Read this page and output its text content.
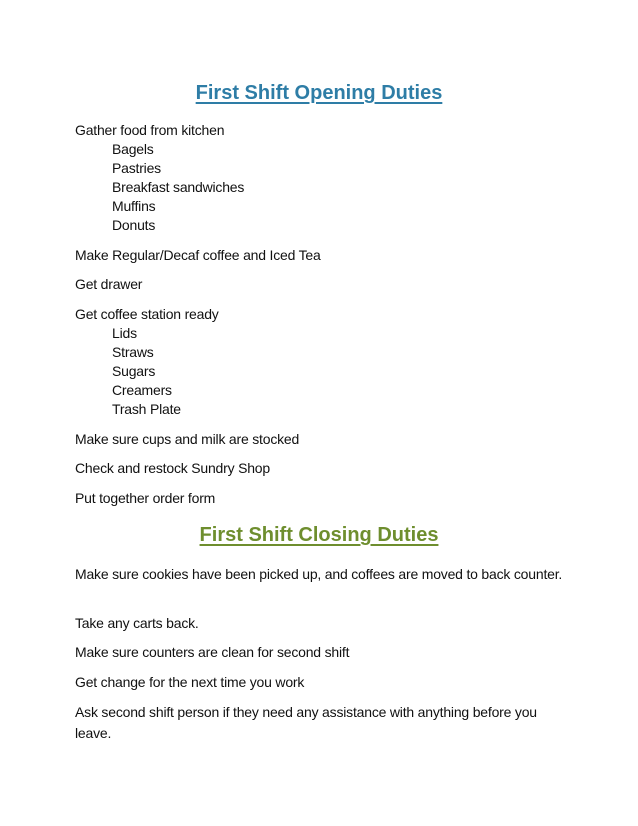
First Shift Opening Duties
Gather food from kitchen
Bagels
Pastries
Breakfast sandwiches
Muffins
Donuts
Make Regular/Decaf coffee and Iced Tea
Get drawer
Get coffee station ready
Lids
Straws
Sugars
Creamers
Trash Plate
Make sure cups and milk are stocked
Check and restock Sundry Shop
Put together order form
First Shift Closing Duties
Make sure cookies have been picked up, and coffees are moved to back counter.
Take any carts back.
Make sure counters are clean for second shift
Get change for the next time you work
Ask second shift person if they need any assistance with anything before you leave.
